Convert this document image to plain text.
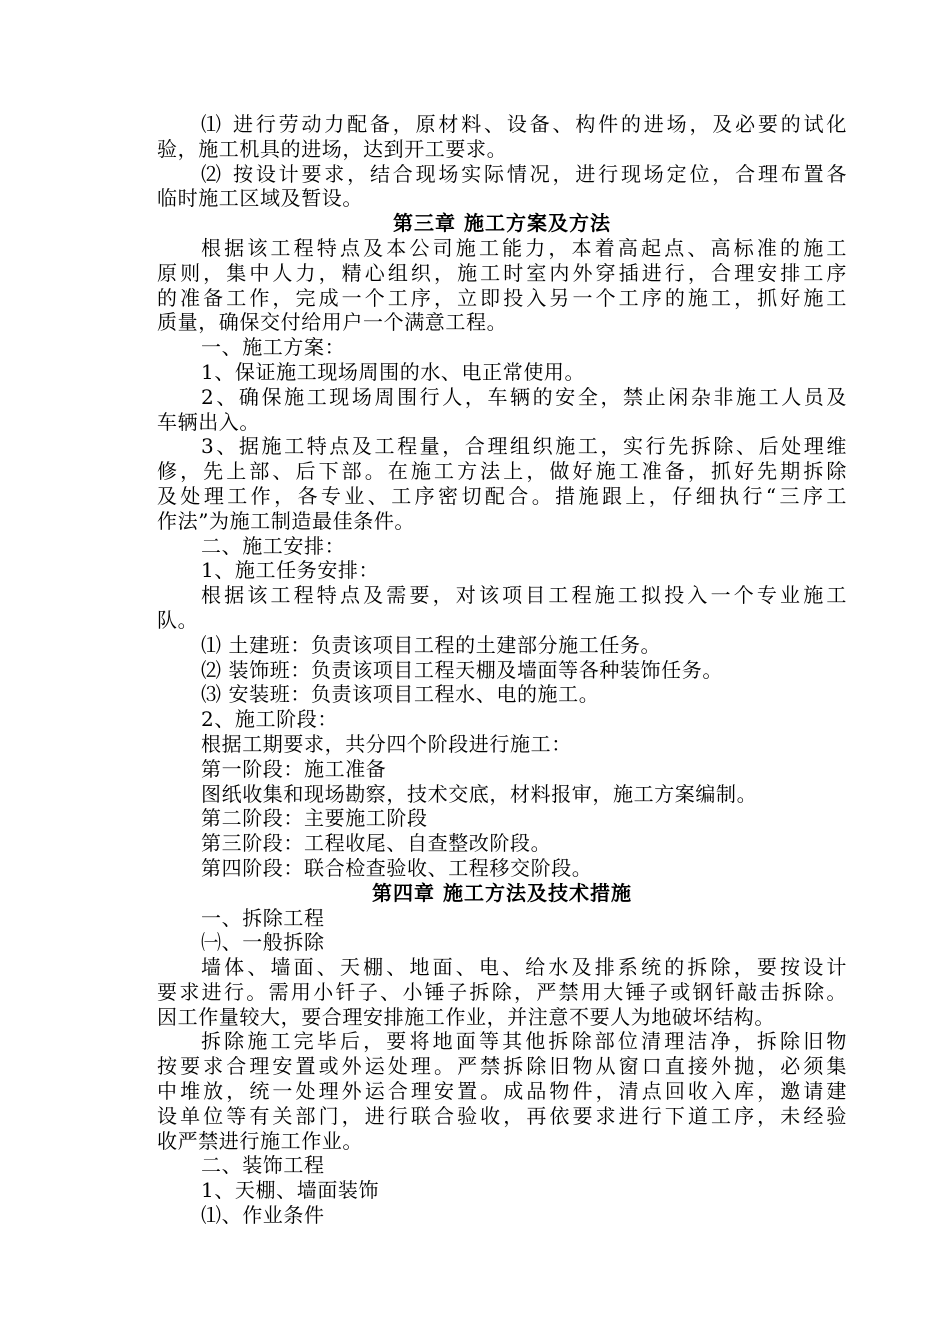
⑴ 进行劳动力配备，原材料、设备、构件的进场，及必要的试化
验，施工机具的进场，达到开工要求。
⑵ 按设计要求，结合现场实际情况，进行现场定位，合理布置各
临时施工区域及暂设。
第三章 施工方案及方法
根据该工程特点及本公司施工能力，本着高起点、高标准的施工
原则，集中人力，精心组织，施工时室内外穿插进行，合理安排工序
的准备工作，完成一个工序，立即投入另一个工序的施工，抓好施工
质量，确保交付给用户一个满意工程。
一、施工方案：
1、保证施工现场周围的水、电正常使用。
2、确保施工现场周围行人，车辆的安全，禁止闲杂非施工人员及
车辆出入。
3、据施工特点及工程量，合理组织施工，实行先拆除、后处理维
修，先上部、后下部。在施工方法上，做好施工准备，抓好先期拆除
及处理工作，各专业、工序密切配合。措施跟上，仔细执行“三序工
作法”为施工制造最佳条件。
二、施工安排：
1、施工任务安排：
根据该工程特点及需要，对该项目工程施工拟投入一个专业施工
队。
⑴ 土建班：负责该项目工程的土建部分施工任务。
⑵ 装饰班：负责该项目工程天棚及墙面等各种装饰任务。
⑶ 安装班：负责该项目工程水、电的施工。
2、施工阶段：
根据工期要求，共分四个阶段进行施工：
第一阶段：施工准备
图纸收集和现场勘察，技术交底，材料报审，施工方案编制。
第二阶段：主要施工阶段
第三阶段：工程收尾、自查整改阶段。
第四阶段：联合检查验收、工程移交阶段。
第四章 施工方法及技术措施
一、拆除工程
㈠、一般拆除
墙体、墙面、天棚、地面、电、给水及排系统的拆除，要按设计
要求进行。需用小钎子、小锤子拆除，严禁用大锤子或钢钎敲击拆除。
因工作量较大，要合理安排施工作业，并注意不要人为地破坏结构。
拆除施工完毕后，要将地面等其他拆除部位清理洁净，拆除旧物
按要求合理安置或外运处理。严禁拆除旧物从窗口直接外抛，必须集
中堆放，统一处理外运合理安置。成品物件，清点回收入库，邀请建
设单位等有关部门，进行联合验收，再依要求进行下道工序，未经验
收严禁进行施工作业。
二、装饰工程
1、天棚、墙面装饰
⑴、作业条件
